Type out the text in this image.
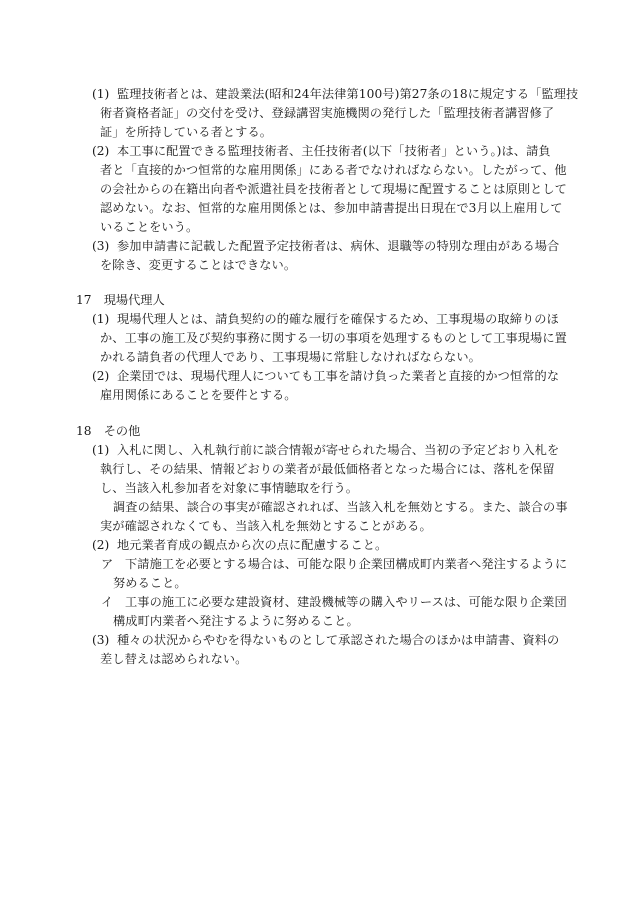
(1) 監理技術者とは、建設業法(昭和24年法律第100号)第27条の18に規定する「監理技
術者資格者証」の交付を受け、登録講習実施機関の発行した「監理技術者講習修了
証」を所持している者とする。
(2) 本工事に配置できる監理技術者、主任技術者(以下「技術者」という。)は、請負
者と「直接的かつ恒常的な雇用関係」にある者でなければならない。したがって、他
の会社からの在籍出向者や派遣社員を技術者として現場に配置することは原則として
認めない。なお、恒常的な雇用関係とは、参加申請書提出日現在で3月以上雇用して
いることをいう。
(3) 参加申請書に記載した配置予定技術者は、病休、退職等の特別な理由がある場合
を除き、変更することはできない。
17　現場代理人
(1) 現場代理人とは、請負契約の的確な履行を確保するため、工事現場の取締りのほ
か、工事の施工及び契約事務に関する一切の事項を処理するものとして工事現場に置
かれる請負者の代理人であり、工事現場に常駐しなければならない。
(2) 企業団では、現場代理人についても工事を請け負った業者と直接的かつ恒常的な
雇用関係にあることを要件とする。
18　その他
(1) 入札に関し、入札執行前に談合情報が寄せられた場合、当初の予定どおり入札を
執行し、その結果、情報どおりの業者が最低価格者となった場合には、落札を保留
し、当該入札参加者を対象に事情聴取を行う。
調査の結果、談合の事実が確認されれば、当該入札を無効とする。また、談合の事
実が確認されなくても、当該入札を無効とすることがある。
(2) 地元業者育成の観点から次の点に配慮すること。
ア 下請施工を必要とする場合は、可能な限り企業団構成町内業者へ発注するように
努めること。
イ 工事の施工に必要な建設資材、建設機械等の購入やリースは、可能な限り企業団
構成町内業者へ発注するように努めること。
(3) 種々の状況からやむを得ないものとして承認された場合のほかは申請書、資料の
差し替えは認められない。
